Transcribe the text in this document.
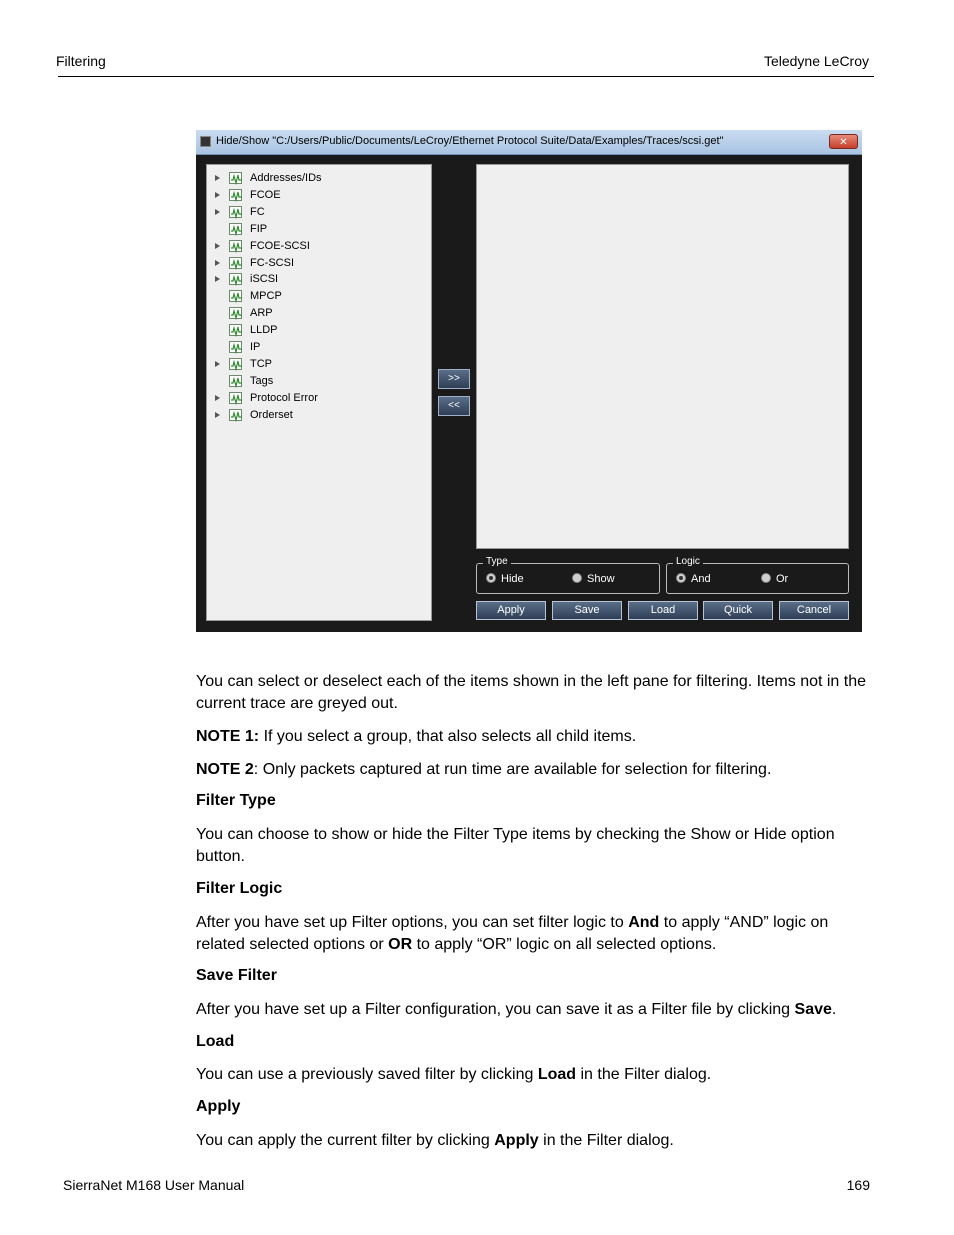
Filtering	Teledyne LeCroy
Hide/Show "C:/Users/Public/Documents/LeCroy/Ethernet Protocol Suite/Data/Examples/Traces/scsi.get"	✕
Addresses/IDs
FCOE
FC
FIP
FCOE-SCSI
FC-SCSI
iSCSI
MPCP
ARP
LLDP
IP
TCP
Tags
Protocol Error
Orderset
>>
<<
Type
Hide	Show
Logic
And	Or
Apply	Save	Load	Quick	Cancel
You can select or deselect each of the items shown in the left pane for filtering. Items not in the current trace are greyed out.
NOTE 1: If you select a group, that also selects all child items.
NOTE 2: Only packets captured at run time are available for selection for filtering.
Filter Type
You can choose to show or hide the Filter Type items by checking the Show or Hide option button.
Filter Logic
After you have set up Filter options, you can set filter logic to And to apply “AND” logic on related selected options or OR to apply “OR” logic on all selected options.
Save Filter
After you have set up a Filter configuration, you can save it as a Filter file by clicking Save.
Load
You can use a previously saved filter by clicking Load in the Filter dialog.
Apply
You can apply the current filter by clicking Apply in the Filter dialog.
SierraNet M168 User Manual	169
